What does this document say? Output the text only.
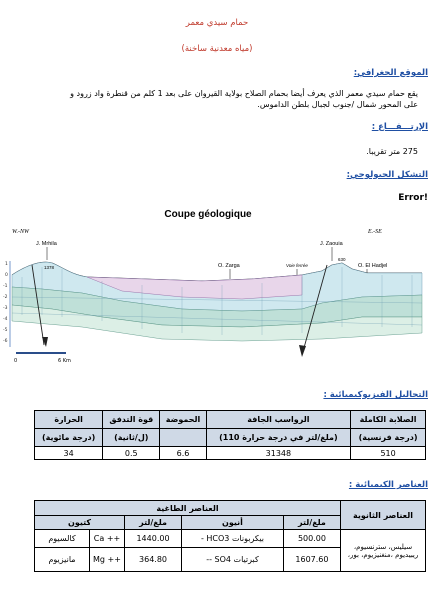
حمام سيدي معمر
(مياه معدنية ساخنة)
الموقع الجغرافي:
يقع حمام سيدي معمر الذي يعرف أيضا بحمام الصلاح بولاية القيروان على بعد 1 كلم من قنطرة واد زرود و
على المحور شمال /جنوب لجبال بلطن الداموس.
الإرتـــفـــاع :
275 متر تقريبا.
التشكل الجيولوجي:
Error!
Coupe géologique
W.-NW	E.-SE
1
0
-1
-2
-3
-4
-5
-6
J. Mrhila
1378	O. Zarga	Voie ferrée
J. Zaouia
O. El Hadjel
630
0	6 Km
التحاليل الفيزيوكيميائية :
الحرارة	قوة التدفق	الحموضة	الرواسب الجافة	الصلابة الكاملة
(درجة مائوية)	(ل/ثانية)		(ملغ/لتر في درجة حرارة 110)	(درجة فرنسية)
34	0.5	6.6	31348	510
العناصر الكيميائية :
العناصر الطاغية					العناصر الثانوية
كتيون		ملغ/لتر	أنيون	ملغ/لتر	
كالسيوم	Ca ++	1440.00	بيكربونات HCO3 -	500.00	سيليس، سترنسيوم، ريبيديوم ،منغنيزيوم، بور،
مانيزيوم	Mg ++	364.80	كبرتيات SO4 --	1607.60	
